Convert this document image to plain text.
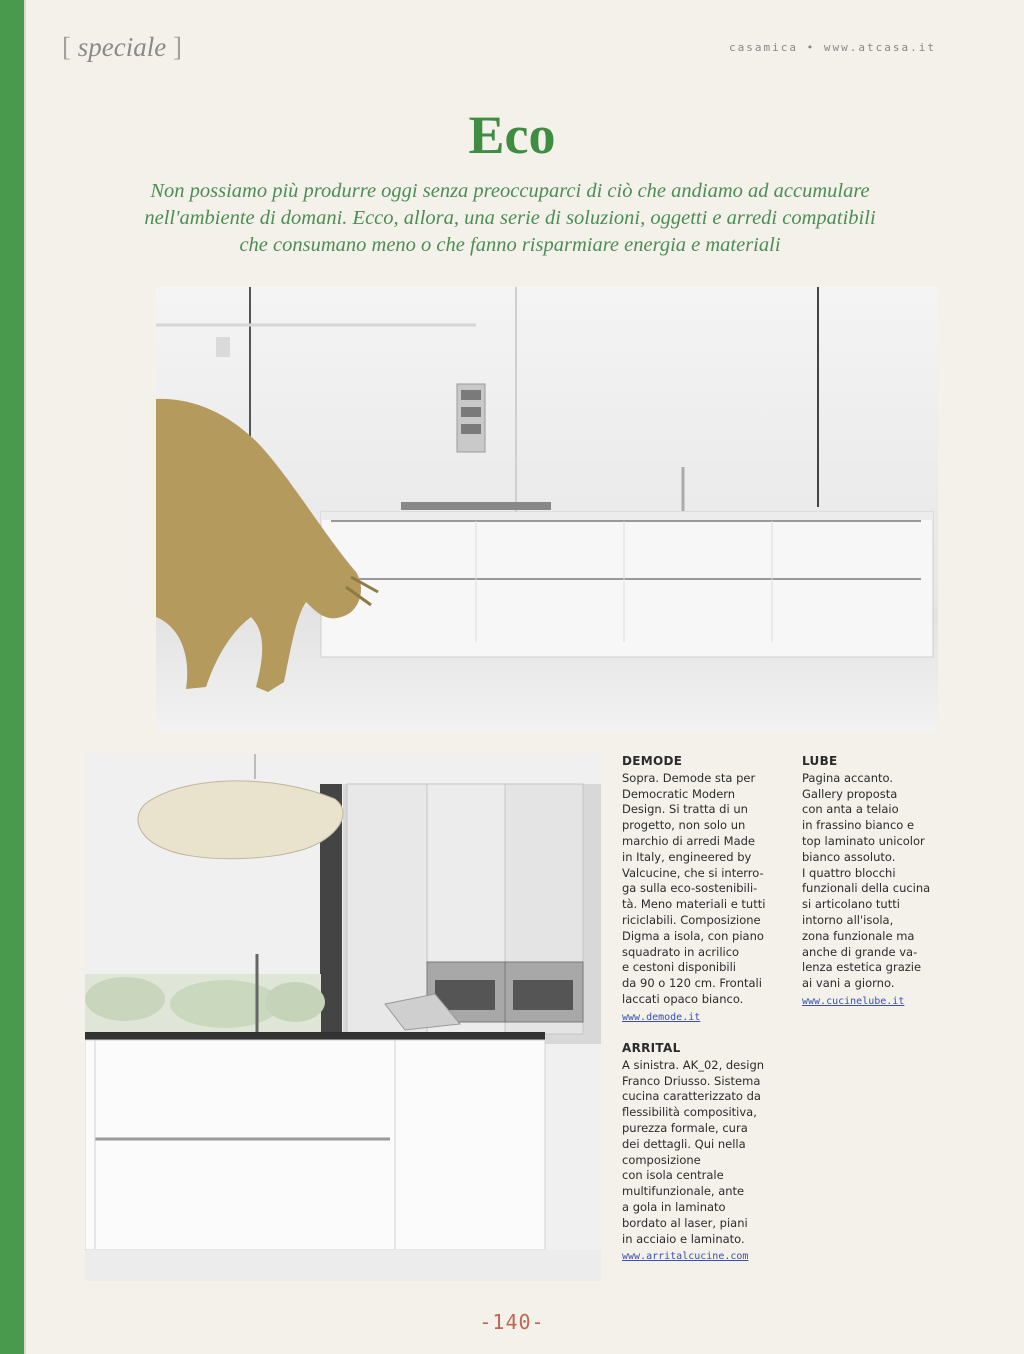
[ speciale ]	casamica • www.atcasa.it
Eco

Non possiamo più produrre oggi senza preoccuparci di ciò che andiamo ad accumulare
nell'ambiente di domani. Ecco, allora, una serie di soluzioni, oggetti e arredi compatibili
che consumano meno o che fanno risparmiare energia e materiali

DEMODE
Sopra. Demode sta per
Democratic Modern
Design. Si tratta di un
progetto, non solo un
marchio di arredi Made
in Italy, engineered by
Valcucine, che si interro-
ga sulla eco-sostenibili-
tà. Meno materiali e tutti
riciclabili. Composizione
Digma a isola, con piano
squadrato in acrilico
e cestoni disponibili
da 90 o 120 cm. Frontali
laccati opaco bianco.
www.demode.it
ARRITAL
A sinistra. AK_02, design
Franco Driusso. Sistema
cucina caratterizzato da
flessibilità compositiva,
purezza formale, cura
dei dettagli. Qui nella
composizione
con isola centrale
multifunzionale, ante
a gola in laminato
bordato al laser, piani
in acciaio e laminato.
www.arritalcucine.com
LUBE
Pagina accanto.
Gallery proposta
con anta a telaio
in frassino bianco e
top laminato unicolor
bianco assoluto.
I quattro blocchi
funzionali della cucina
si articolano tutti
intorno all'isola,
zona funzionale ma
anche di grande va-
lenza estetica grazie
ai vani a giorno.
www.cucinelube.it
-140-
